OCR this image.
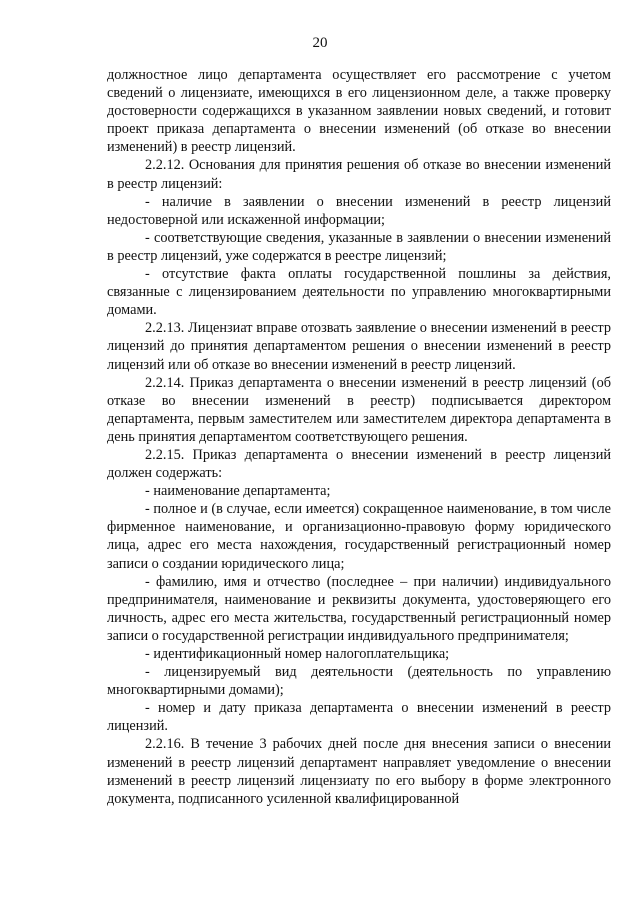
20

должностное лицо департамента осуществляет его рассмотрение с учетом сведений о лицензиате, имеющихся в его лицензионном деле, а также проверку достоверности содержащихся в указанном заявлении новых сведений, и готовит проект приказа департамента о внесении изменений (об отказе во внесении изменений) в реестр лицензий.

2.2.12. Основания для принятия решения об отказе во внесении изменений в реестр лицензий:

- наличие в заявлении о внесении изменений в реестр лицензий недостоверной или искаженной информации;

- соответствующие сведения, указанные в заявлении о внесении изменений в реестр лицензий, уже содержатся в реестре лицензий;

- отсутствие факта оплаты государственной пошлины за действия, связанные с лицензированием деятельности по управлению многоквартирными домами.

2.2.13. Лицензиат вправе отозвать заявление о внесении изменений в реестр лицензий до принятия департаментом решения о внесении изменений в реестр лицензий или об отказе во внесении изменений в реестр лицензий.

2.2.14. Приказ департамента о внесении изменений в реестр лицензий (об отказе во внесении изменений в реестр) подписывается директором департамента, первым заместителем или заместителем директора департамента в день принятия департаментом соответствующего решения.

2.2.15. Приказ департамента о внесении изменений в реестр лицензий должен содержать:

- наименование департамента;

- полное и (в случае, если имеется) сокращенное наименование, в том числе фирменное наименование, и организационно-правовую форму юридического лица, адрес его места нахождения, государственный регистрационный номер записи о создании юридического лица;

- фамилию, имя и отчество (последнее – при наличии) индивидуального предпринимателя, наименование и реквизиты документа, удостоверяющего его личность, адрес его места жительства, государственный регистрационный номер записи о государственной регистрации индивидуального предпринимателя;

- идентификационный номер налогоплательщика;

- лицензируемый вид деятельности (деятельность по управлению многоквартирными домами);

- номер и дату приказа департамента о внесении изменений в реестр лицензий.

2.2.16. В течение 3 рабочих дней после дня внесения записи о внесении изменений в реестр лицензий департамент направляет уведомление о внесении изменений в реестр лицензий лицензиату по его выбору в форме электронного документа, подписанного усиленной квалифицированной
